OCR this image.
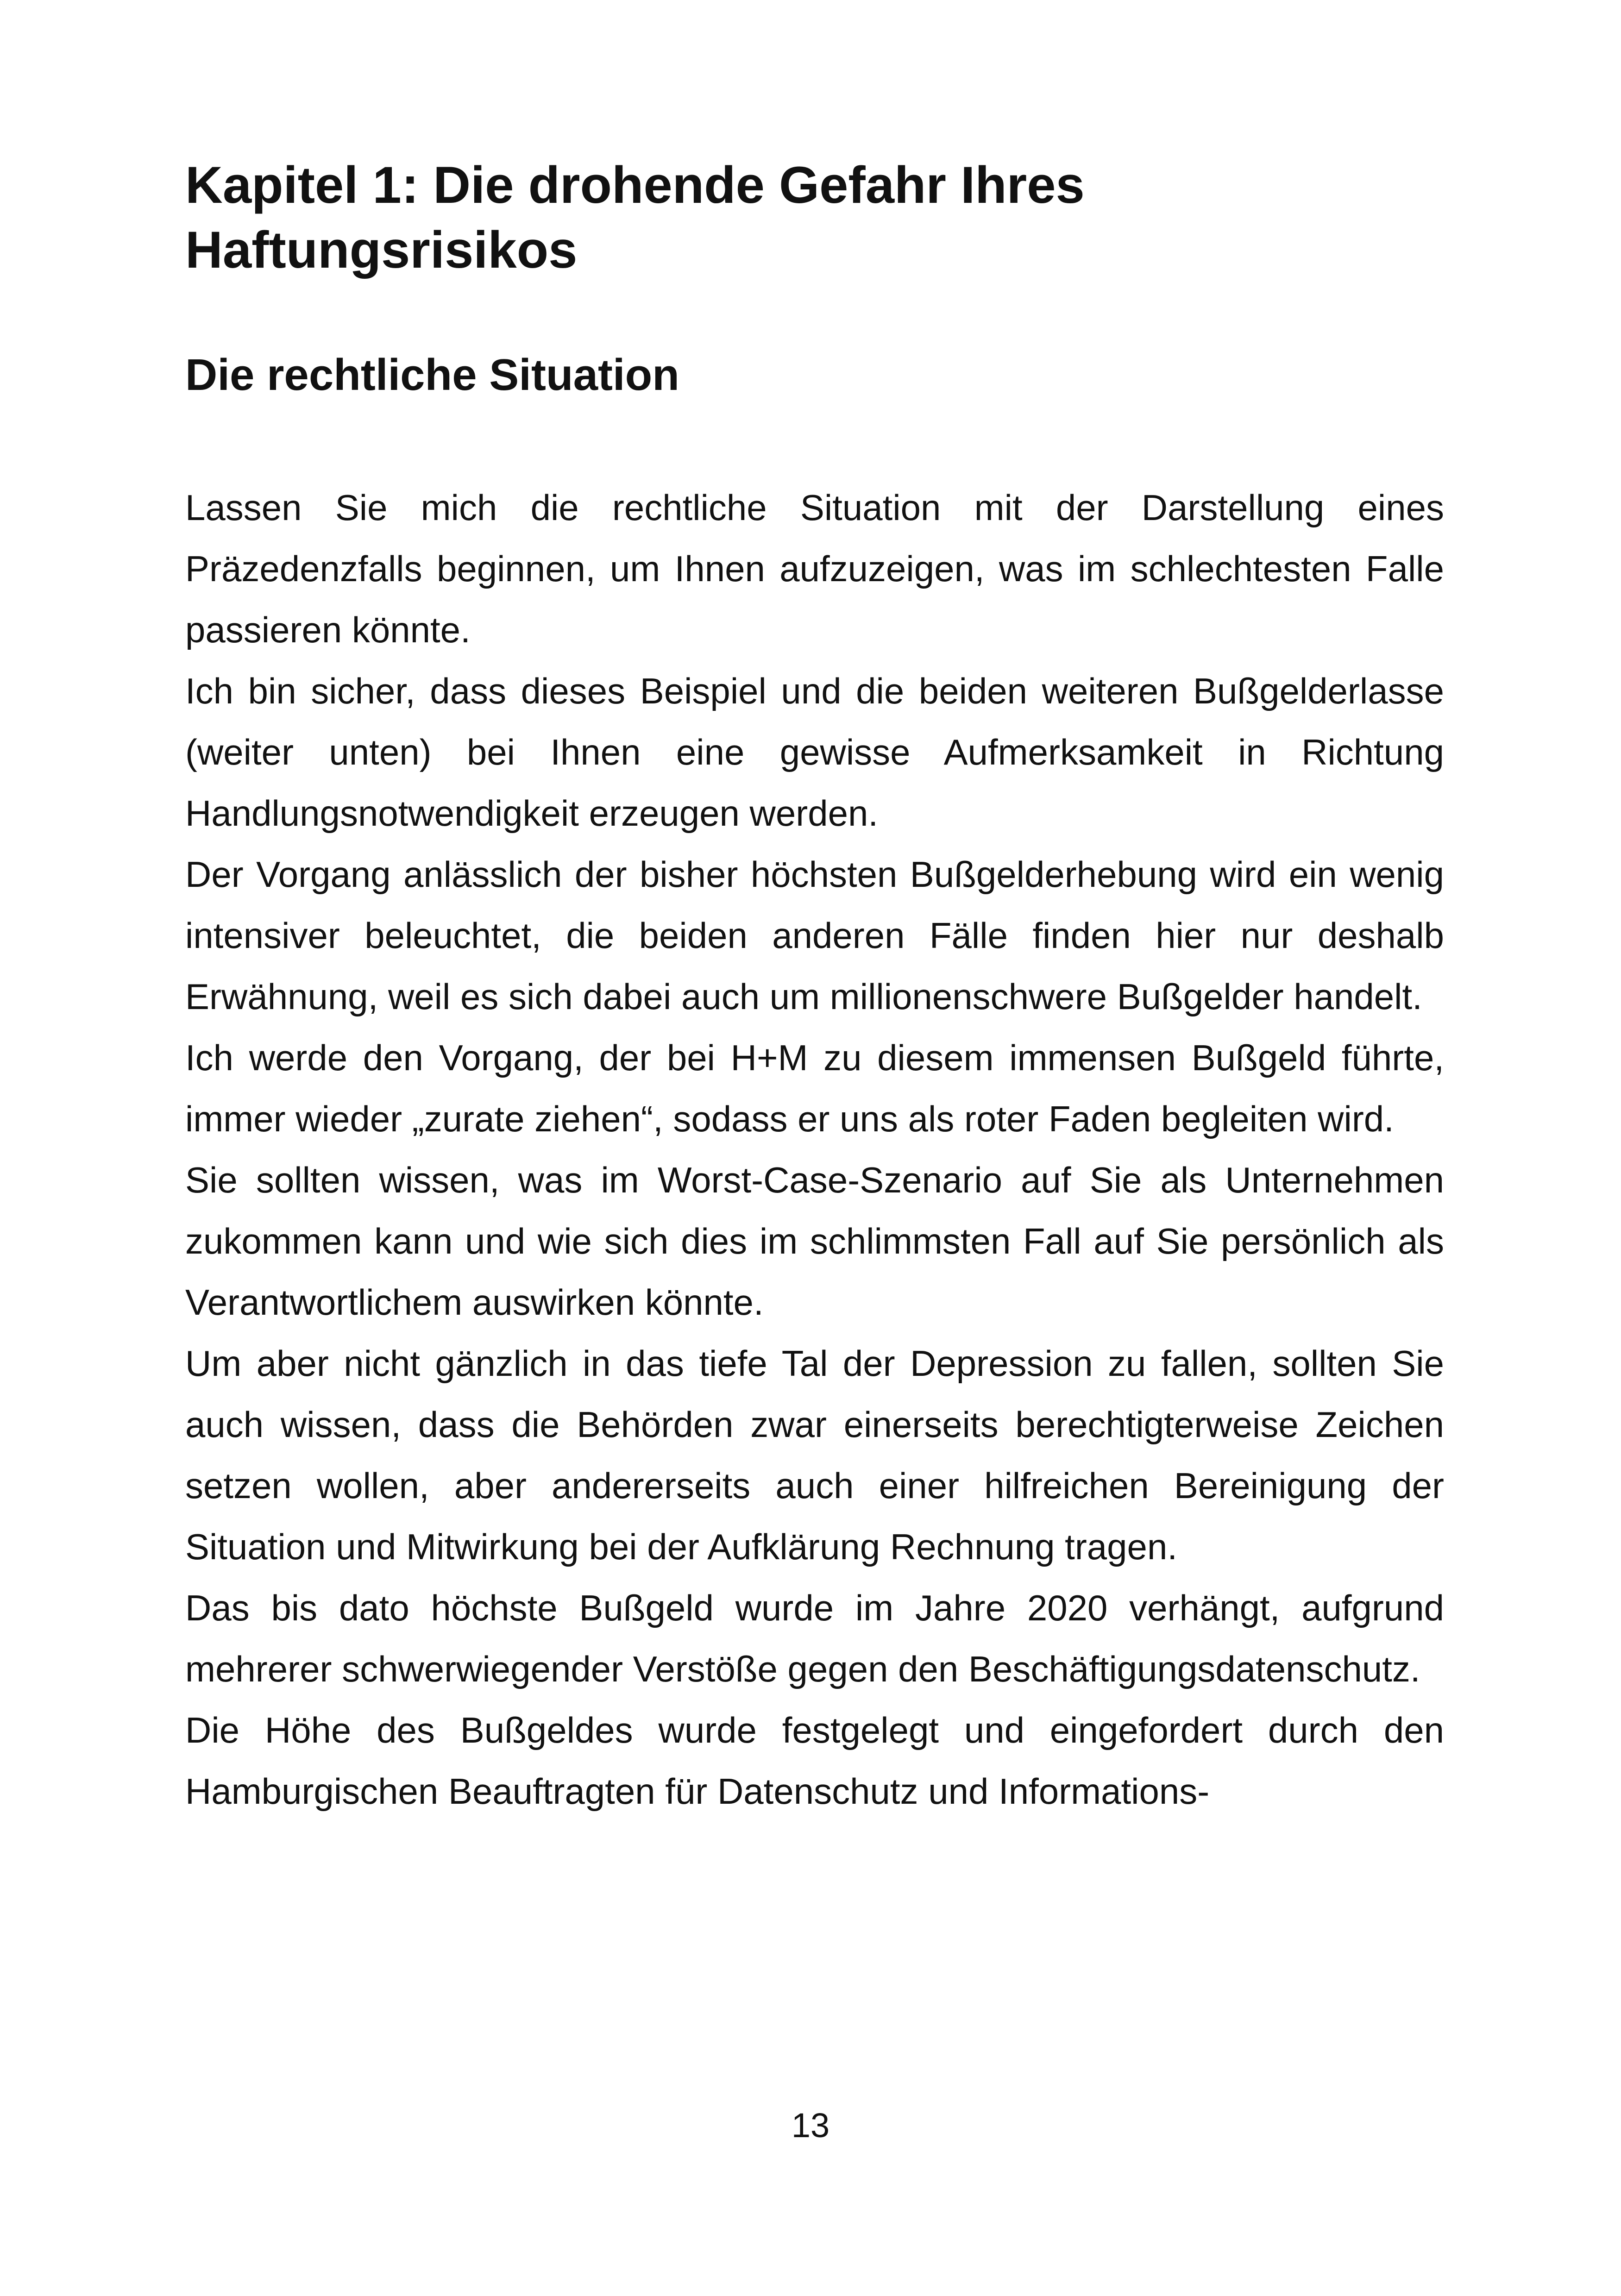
Kapitel 1: Die drohende Gefahr Ihres Haftungsrisikos
Die rechtliche Situation

Lassen Sie mich die rechtliche Situation mit der Darstellung eines Präzedenzfalls beginnen, um Ihnen aufzuzeigen, was im schlechtesten Falle passieren könnte.

Ich bin sicher, dass dieses Beispiel und die beiden weiteren Bußgelderlasse (weiter unten) bei Ihnen eine gewisse Aufmerksamkeit in Richtung Handlungsnotwendigkeit erzeugen werden.

Der Vorgang anlässlich der bisher höchsten Bußgelderhebung wird ein wenig intensiver beleuchtet, die beiden anderen Fälle finden hier nur deshalb Erwähnung, weil es sich dabei auch um millionenschwere Bußgelder handelt.

Ich werde den Vorgang, der bei H+M zu diesem immensen Bußgeld führte, immer wieder „zurate ziehen“, sodass er uns als roter Faden begleiten wird.

Sie sollten wissen, was im Worst-Case-Szenario auf Sie als Unternehmen zukommen kann und wie sich dies im schlimmsten Fall auf Sie persönlich als Verantwortlichem auswirken könnte.

Um aber nicht gänzlich in das tiefe Tal der Depression zu fallen, sollten Sie auch wissen, dass die Behörden zwar einerseits berechtigterweise Zeichen setzen wollen, aber andererseits auch einer hilfreichen Bereinigung der Situation und Mitwirkung bei der Aufklärung Rechnung tragen.

Das bis dato höchste Bußgeld wurde im Jahre 2020 verhängt, aufgrund mehrerer schwerwiegender Verstöße gegen den Beschäftigungsdatenschutz.

Die Höhe des Bußgeldes wurde festgelegt und eingefordert durch den Hamburgischen Beauftragten für Datenschutz und Informations-

13
